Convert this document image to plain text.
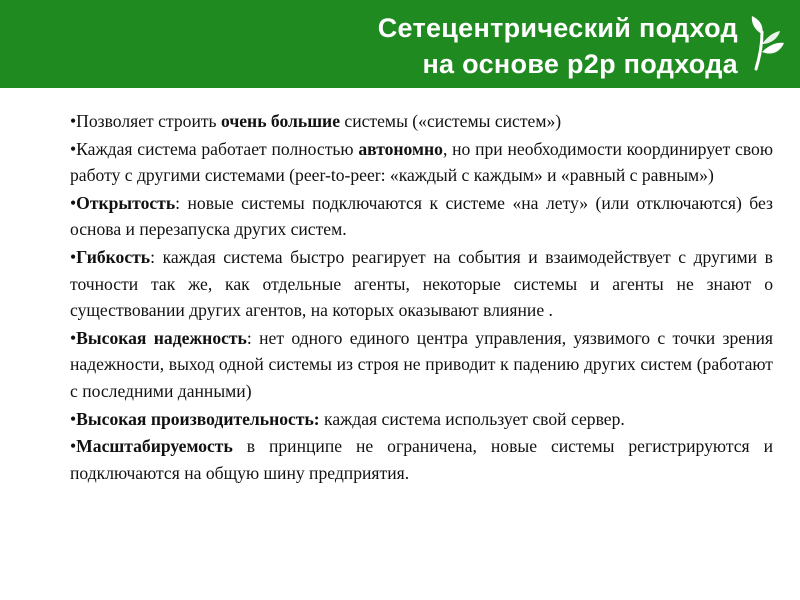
Сетецентрический подход
на основе p2p подхода

•Позволяет строить очень большие системы («системы систем»)

•Каждая система работает полностью автономно, но при необходимости координирует свою работу с другими системами (peer-to-peer: «каждый с каждым» и «равный с равным»)

•Открытость: новые системы подключаются к системе «на лету» (или отключаются) без основа и перезапуска других систем.

•Гибкость: каждая система быстро реагирует на события и взаимодействует с другими в точности так же, как отдельные агенты, некоторые системы и агенты не знают о существовании других агентов, на которых оказывают влияние .

•Высокая надежность: нет одного единого центра управления, уязвимого с точки зрения надежности, выход одной системы из строя не приводит к падению других систем (работают с последними данными)

•Высокая производительность: каждая система использует свой сервер.

•Масштабируемость в принципе не ограничена, новые системы регистрируются и подключаются на общую шину предприятия.
